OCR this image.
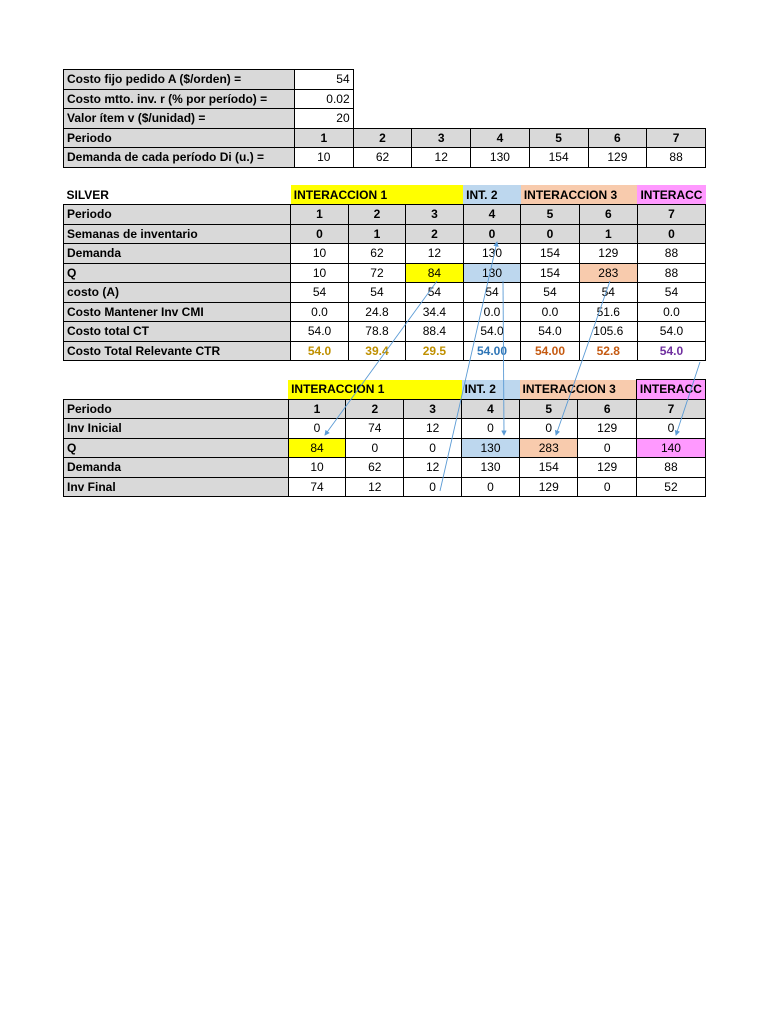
Costo fijo pedido A ($/orden) =	54						
Costo mtto. inv. r (% por período) =	0.02						
Valor ítem v ($/unidad) =	20						
Periodo	1	2	3	4	5	6	7
Demanda de cada período Di (u.) =	10	62	12	130	154	129	88
SILVER	INTERACCION 1			INT. 2	INTERACCION 3		INTERACC
Periodo	1	2	3	4	5	6	7
Semanas de inventario	0	1	2	0	0	1	0
Demanda	10	62	12	130	154	129	88
Q	10	72	84	130	154	283	88
costo (A)	54	54	54	54	54	54	54
Costo Mantener Inv CMI	0.0	24.8	34.4	0.0	0.0	51.6	0.0
Costo total CT	54.0	78.8	88.4	54.0	54.0	105.6	54.0
Costo Total Relevante CTR	54.0	39.4	29.5	54.00	54.00	52.8	54.0
	INTERACCION 1			INT. 2	INTERACCION 3		INTERACC
Periodo	1	2	3	4	5	6	7
Inv Inicial	0	74	12	0	0	129	0
Q	84	0	0	130	283	0	140
Demanda	10	62	12	130	154	129	88
Inv Final	74	12	0	0	129	0	52
